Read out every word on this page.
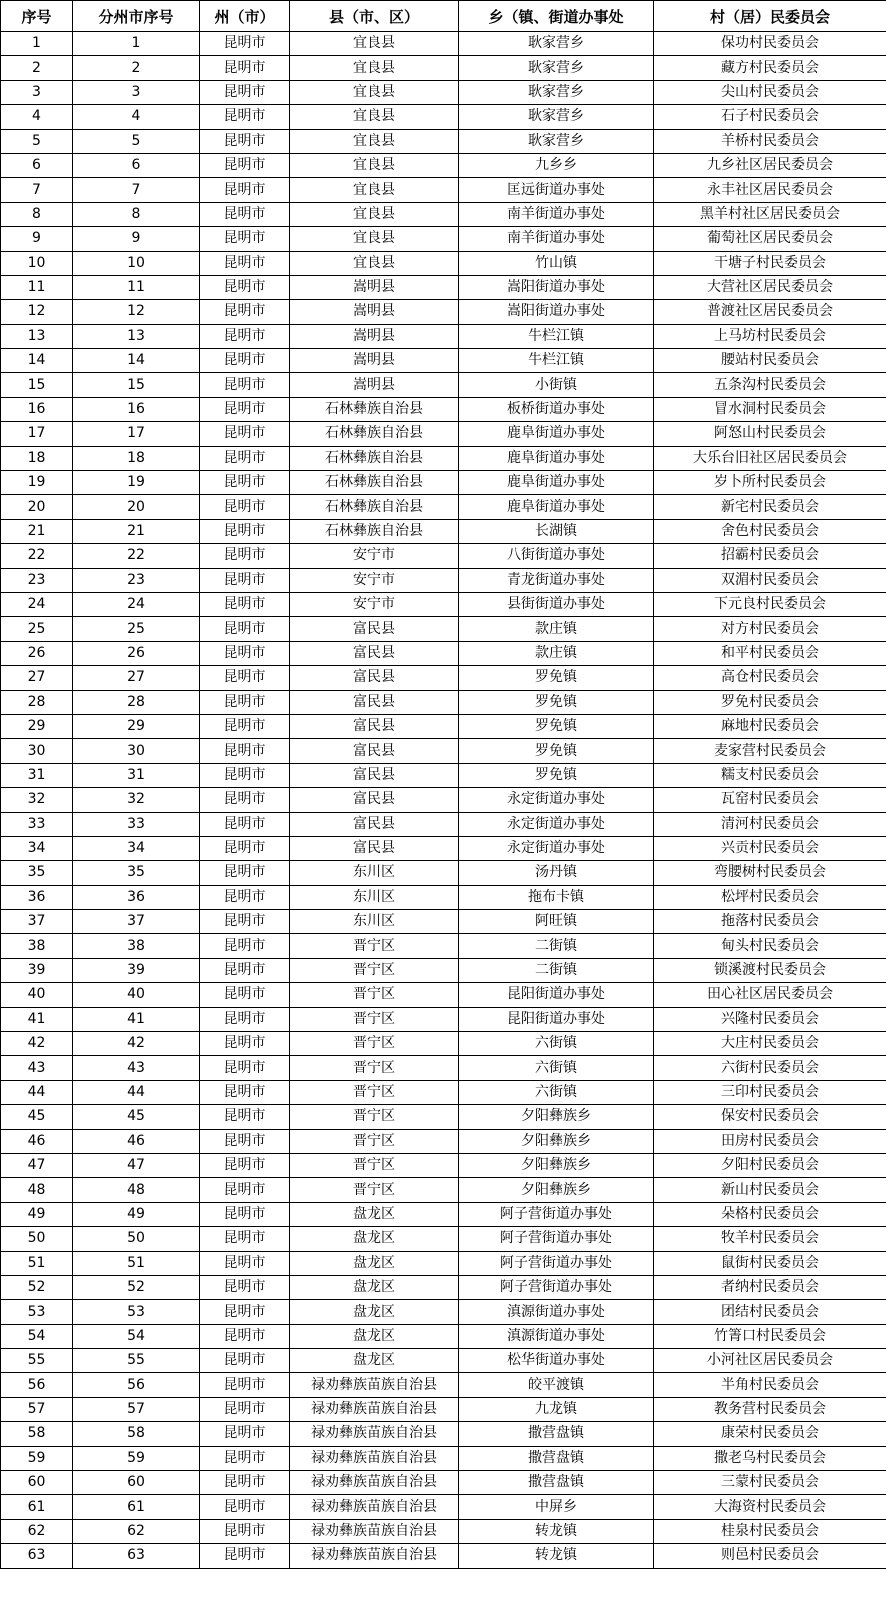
序号	分州市序号	州（市）	县（市、区）	乡（镇、街道办事处	村（居）民委员会
1	1	昆明市	宜良县	耿家营乡	保功村民委员会
2	2	昆明市	宜良县	耿家营乡	藏方村民委员会
3	3	昆明市	宜良县	耿家营乡	尖山村民委员会
4	4	昆明市	宜良县	耿家营乡	石子村民委员会
5	5	昆明市	宜良县	耿家营乡	羊桥村民委员会
6	6	昆明市	宜良县	九乡乡	九乡社区居民委员会
7	7	昆明市	宜良县	匡远街道办事处	永丰社区居民委员会
8	8	昆明市	宜良县	南羊街道办事处	黑羊村社区居民委员会
9	9	昆明市	宜良县	南羊街道办事处	葡萄社区居民委员会
10	10	昆明市	宜良县	竹山镇	干塘子村民委员会
11	11	昆明市	嵩明县	嵩阳街道办事处	大营社区居民委员会
12	12	昆明市	嵩明县	嵩阳街道办事处	普渡社区居民委员会
13	13	昆明市	嵩明县	牛栏江镇	上马坊村民委员会
14	14	昆明市	嵩明县	牛栏江镇	腰站村民委员会
15	15	昆明市	嵩明县	小街镇	五条沟村民委员会
16	16	昆明市	石林彝族自治县	板桥街道办事处	冒水洞村民委员会
17	17	昆明市	石林彝族自治县	鹿阜街道办事处	阿怒山村民委员会
18	18	昆明市	石林彝族自治县	鹿阜街道办事处	大乐台旧社区居民委员会
19	19	昆明市	石林彝族自治县	鹿阜街道办事处	岁卜所村民委员会
20	20	昆明市	石林彝族自治县	鹿阜街道办事处	新宅村民委员会
21	21	昆明市	石林彝族自治县	长湖镇	舍色村民委员会
22	22	昆明市	安宁市	八街街道办事处	招霸村民委员会
23	23	昆明市	安宁市	青龙街道办事处	双湄村民委员会
24	24	昆明市	安宁市	县街街道办事处	下元良村民委员会
25	25	昆明市	富民县	款庄镇	对方村民委员会
26	26	昆明市	富民县	款庄镇	和平村民委员会
27	27	昆明市	富民县	罗免镇	高仓村民委员会
28	28	昆明市	富民县	罗免镇	罗免村民委员会
29	29	昆明市	富民县	罗免镇	麻地村民委员会
30	30	昆明市	富民县	罗免镇	麦家营村民委员会
31	31	昆明市	富民县	罗免镇	糯支村民委员会
32	32	昆明市	富民县	永定街道办事处	瓦窑村民委员会
33	33	昆明市	富民县	永定街道办事处	清河村民委员会
34	34	昆明市	富民县	永定街道办事处	兴贡村民委员会
35	35	昆明市	东川区	汤丹镇	弯腰树村民委员会
36	36	昆明市	东川区	拖布卡镇	松坪村民委员会
37	37	昆明市	东川区	阿旺镇	拖落村民委员会
38	38	昆明市	晋宁区	二街镇	甸头村民委员会
39	39	昆明市	晋宁区	二街镇	锁溪渡村民委员会
40	40	昆明市	晋宁区	昆阳街道办事处	田心社区居民委员会
41	41	昆明市	晋宁区	昆阳街道办事处	兴隆村民委员会
42	42	昆明市	晋宁区	六街镇	大庄村民委员会
43	43	昆明市	晋宁区	六街镇	六街村民委员会
44	44	昆明市	晋宁区	六街镇	三印村民委员会
45	45	昆明市	晋宁区	夕阳彝族乡	保安村民委员会
46	46	昆明市	晋宁区	夕阳彝族乡	田房村民委员会
47	47	昆明市	晋宁区	夕阳彝族乡	夕阳村民委员会
48	48	昆明市	晋宁区	夕阳彝族乡	新山村民委员会
49	49	昆明市	盘龙区	阿子营街道办事处	朵格村民委员会
50	50	昆明市	盘龙区	阿子营街道办事处	牧羊村民委员会
51	51	昆明市	盘龙区	阿子营街道办事处	鼠街村民委员会
52	52	昆明市	盘龙区	阿子营街道办事处	者纳村民委员会
53	53	昆明市	盘龙区	滇源街道办事处	团结村民委员会
54	54	昆明市	盘龙区	滇源街道办事处	竹箐口村民委员会
55	55	昆明市	盘龙区	松华街道办事处	小河社区居民委员会
56	56	昆明市	禄劝彝族苗族自治县	皎平渡镇	半角村民委员会
57	57	昆明市	禄劝彝族苗族自治县	九龙镇	教务营村民委员会
58	58	昆明市	禄劝彝族苗族自治县	撒营盘镇	康荣村民委员会
59	59	昆明市	禄劝彝族苗族自治县	撒营盘镇	撒老乌村民委员会
60	60	昆明市	禄劝彝族苗族自治县	撒营盘镇	三蒙村民委员会
61	61	昆明市	禄劝彝族苗族自治县	中屏乡	大海资村民委员会
62	62	昆明市	禄劝彝族苗族自治县	转龙镇	桂泉村民委员会
63	63	昆明市	禄劝彝族苗族自治县	转龙镇	则邑村民委员会
